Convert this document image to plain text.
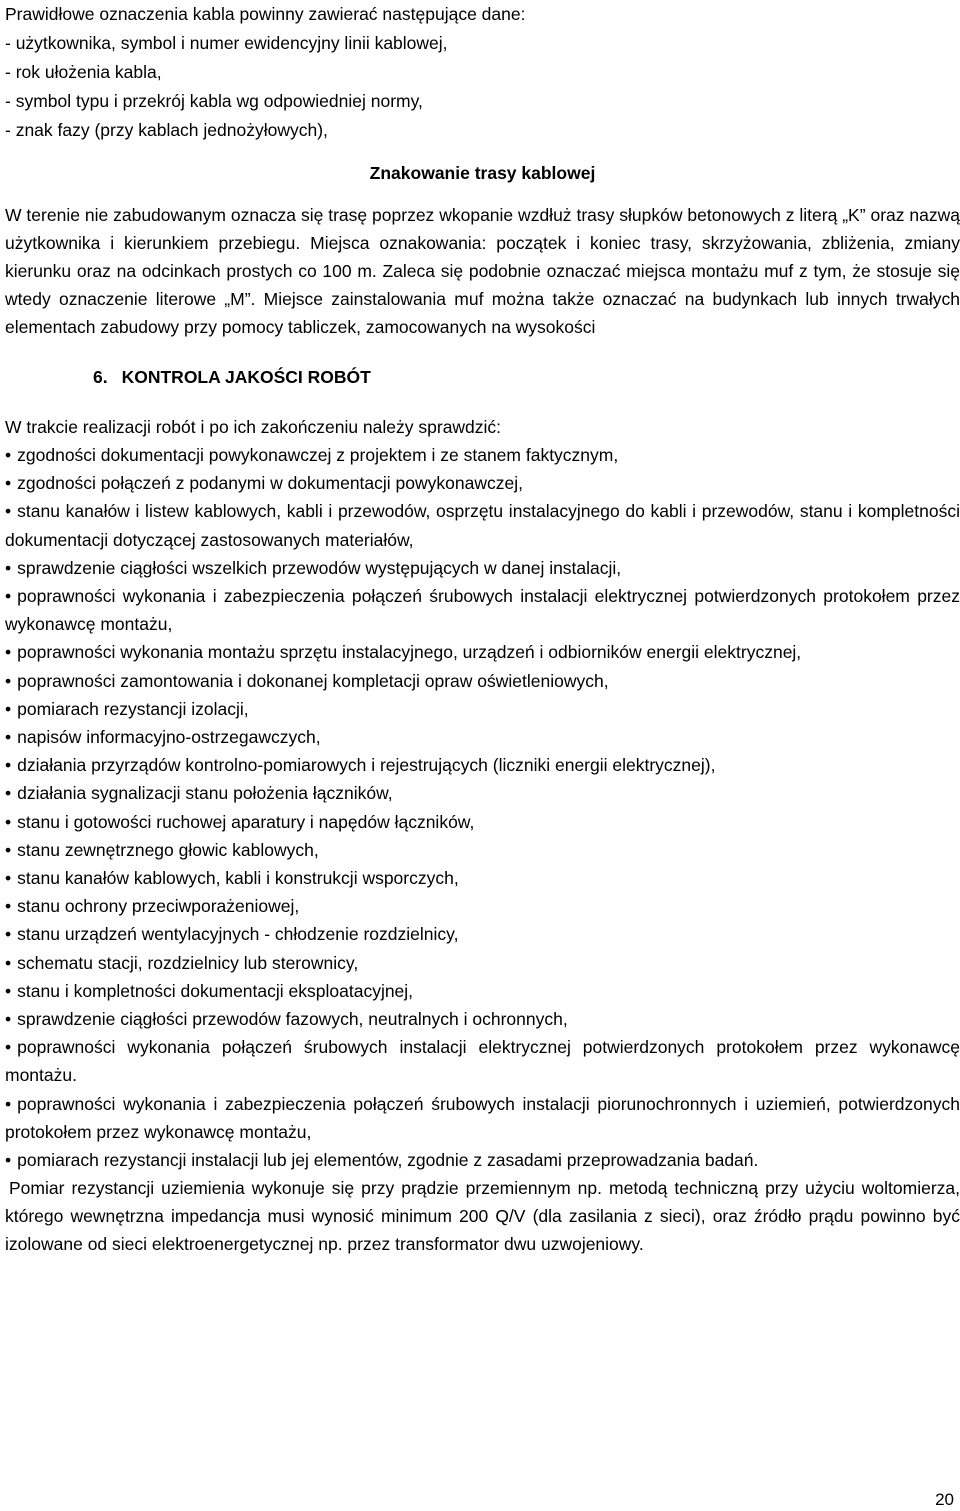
Prawidłowe oznaczenia kabla powinny zawierać następujące dane:

- użytkownika, symbol i numer ewidencyjny linii kablowej,

- rok ułożenia kabla,

- symbol typu i przekrój kabla wg odpowiedniej normy,

- znak fazy (przy kablach jednożyłowych),

Znakowanie trasy kablowej

W terenie nie zabudowanym oznacza się trasę poprzez wkopanie wzdłuż trasy słupków betonowych z literą „K” oraz nazwą użytkownika i kierunkiem przebiegu. Miejsca oznakowania: początek i koniec trasy, skrzyżowania, zbliżenia, zmiany kierunku oraz na odcinkach prostych co 100 m. Zaleca się podobnie oznaczać miejsca montażu muf z tym, że stosuje się wtedy oznaczenie literowe „M”. Miejsce zainstalowania muf można także oznaczać na budynkach lub innych trwałych elementach zabudowy przy pomocy tabliczek, zamocowanych na wysokości

6. KONTROLA JAKOŚCI ROBÓT

W trakcie realizacji robót i po ich zakończeniu należy sprawdzić:

• zgodności dokumentacji powykonawczej z projektem i ze stanem faktycznym,
• zgodności połączeń z podanymi w dokumentacji powykonawczej,
• stanu kanałów i listew kablowych, kabli i przewodów, osprzętu instalacyjnego do kabli i przewodów, stanu i kompletności dokumentacji dotyczącej zastosowanych materiałów,
• sprawdzenie ciągłości wszelkich przewodów występujących w danej instalacji,
• poprawności wykonania i zabezpieczenia połączeń śrubowych instalacji elektrycznej potwierdzonych protokołem przez wykonawcę montażu,
• poprawności wykonania montażu sprzętu instalacyjnego, urządzeń i odbiorników energii elektrycznej,
• poprawności zamontowania i dokonanej kompletacji opraw oświetleniowych,
• pomiarach rezystancji izolacji,
• napisów informacyjno-ostrzegawczych,
• działania przyrządów kontrolno-pomiarowych i rejestrujących (liczniki energii elektrycznej),
• działania sygnalizacji stanu położenia łączników,
• stanu i gotowości ruchowej aparatury i napędów łączników,
• stanu zewnętrznego głowic kablowych,
• stanu kanałów kablowych, kabli i konstrukcji wsporczych,
• stanu ochrony przeciwporażeniowej,
• stanu urządzeń wentylacyjnych - chłodzenie rozdzielnicy,
• schematu stacji, rozdzielnicy lub sterownicy,
• stanu i kompletności dokumentacji eksploatacyjnej,
• sprawdzenie ciągłości przewodów fazowych, neutralnych i ochronnych,
• poprawności wykonania połączeń śrubowych instalacji elektrycznej potwierdzonych protokołem przez wykonawcę montażu.
• poprawności wykonania i zabezpieczenia połączeń śrubowych instalacji piorunochronnych i uziemień, potwierdzonych protokołem przez wykonawcę montażu,
• pomiarach rezystancji instalacji lub jej elementów, zgodnie z zasadami przeprowadzania badań.

Pomiar rezystancji uziemienia wykonuje się przy prądzie przemiennym np. metodą techniczną przy użyciu woltomierza, którego wewnętrzna impedancja musi wynosić minimum 200 Q/V (dla zasilania z sieci), oraz źródło prądu powinno być izolowane od sieci elektroenergetycznej np. przez transformator dwu uzwojeniowy.

20
